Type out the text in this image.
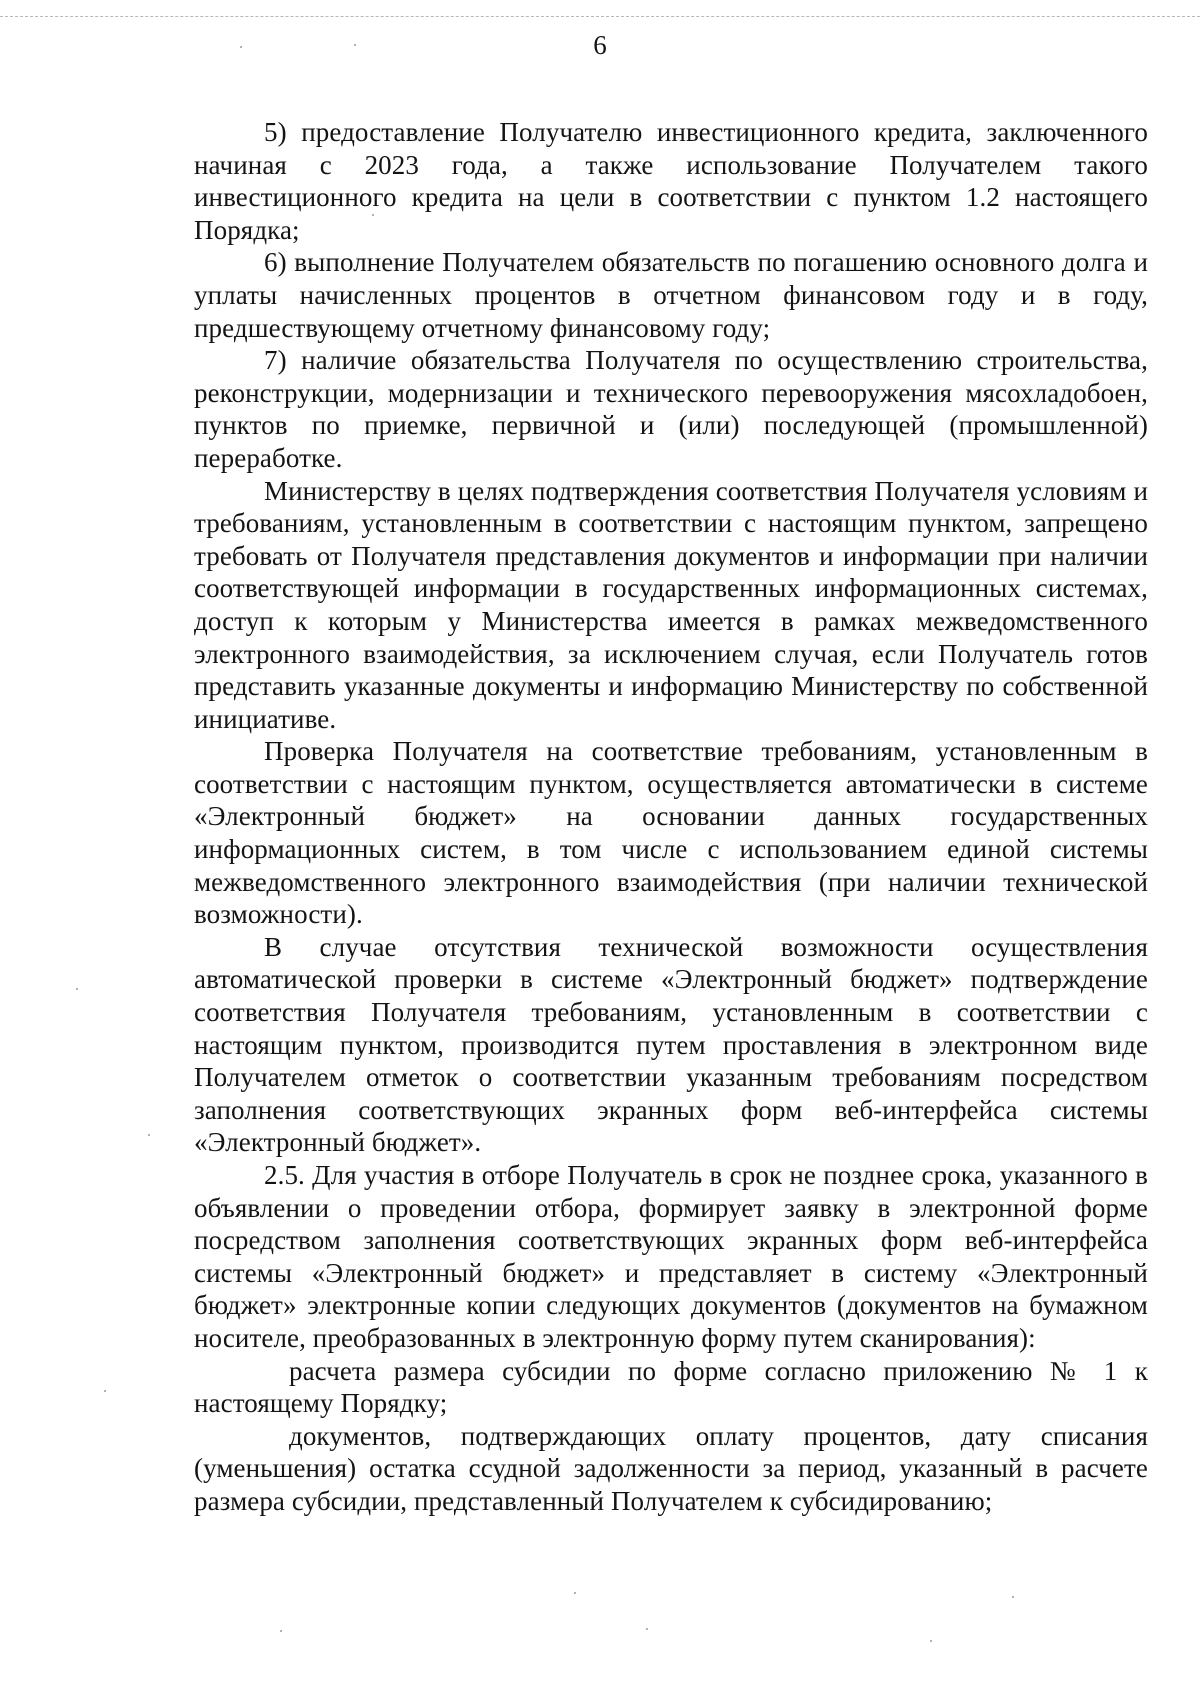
6

5) предоставление Получателю инвестиционного кредита, заключенного начиная с 2023 года, а также использование Получателем такого инвестиционного кредита на цели в соответствии с пунктом 1.2 настоящего Порядка;

6) выполнение Получателем обязательств по погашению основного долга и уплаты начисленных процентов в отчетном финансовом году и в году, предшествующему отчетному финансовому году;

7) наличие обязательства Получателя по осуществлению строительства, реконструкции, модернизации и технического перевооружения мясохладобоен, пунктов по приемке, первичной и (или) последующей (промышленной) переработке.

Министерству в целях подтверждения соответствия Получателя условиям и требованиям, установленным в соответствии с настоящим пунктом, запрещено требовать от Получателя представления документов и информации при наличии соответствующей информации в государственных информационных системах, доступ к которым у Министерства имеется в рамках межведомственного электронного взаимодействия, за исключением случая, если Получатель готов представить указанные документы и информацию Министерству по собственной инициативе.

Проверка Получателя на соответствие требованиям, установленным в соответствии с настоящим пунктом, осуществляется автоматически в системе «Электронный бюджет» на основании данных государственных информационных систем, в том числе с использованием единой системы межведомственного электронного взаимодействия (при наличии технической возможности).

В случае отсутствия технической возможности осуществления автоматической проверки в системе «Электронный бюджет» подтверждение соответствия Получателя требованиям, установленным в соответствии с настоящим пунктом, производится путем проставления в электронном виде Получателем отметок о соответствии указанным требованиям посредством заполнения соответствующих экранных форм веб-интерфейса системы «Электронный бюджет».

2.5. Для участия в отборе Получатель в срок не позднее срока, указанного в объявлении о проведении отбора, формирует заявку в электронной форме посредством заполнения соответствующих экранных форм веб-интерфейса системы «Электронный бюджет» и представляет в систему «Электронный бюджет» электронные копии следующих документов (документов на бумажном носителе, преобразованных в электронную форму путем сканирования):

расчета размера субсидии по форме согласно приложению № 1 к настоящему Порядку;

документов, подтверждающих оплату процентов, дату списания (уменьшения) остатка ссудной задолженности за период, указанный в расчете размера субсидии, представленный Получателем к субсидированию;
